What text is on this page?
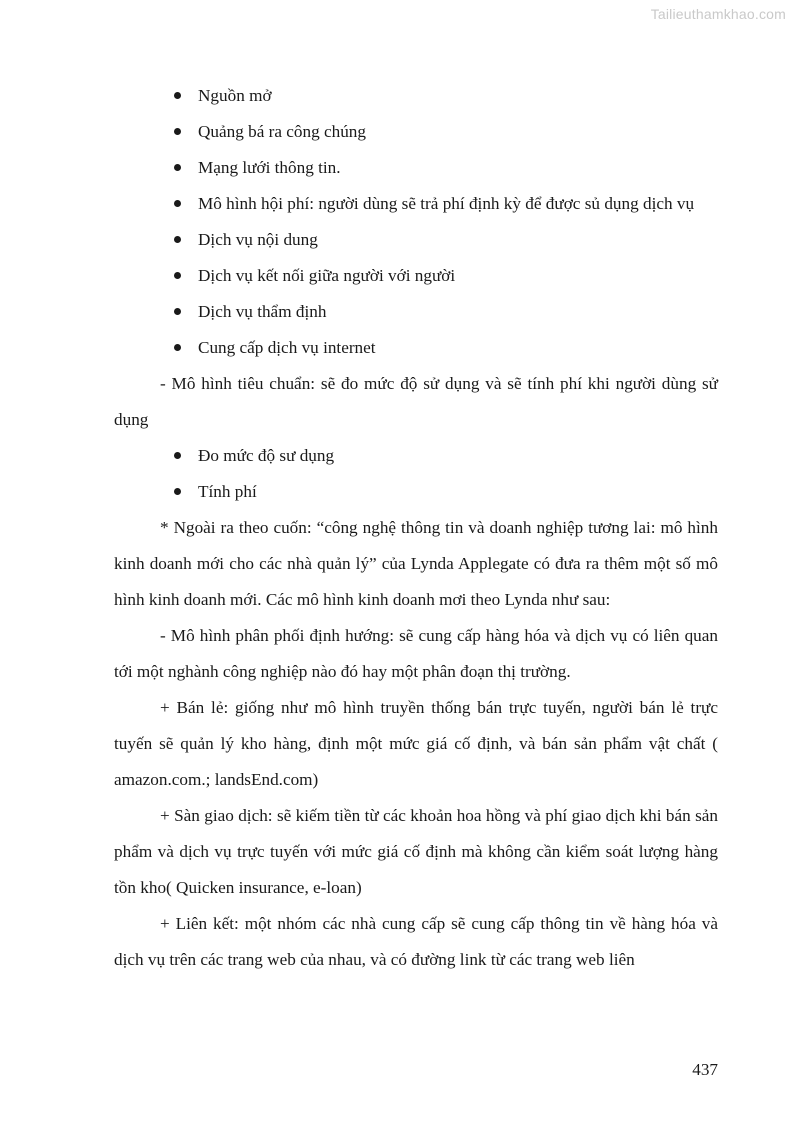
Tailieuthamkhao.com
Nguồn mở
Quảng bá ra công chúng
Mạng lưới thông tin.
Mô hình hội phí: người dùng sẽ trả phí định kỳ để được sủ dụng dịch vụ
Dịch vụ nội dung
Dịch vụ kết nối giữa người với người
Dịch vụ thẩm định
Cung cấp dịch vụ internet

- Mô hình tiêu chuẩn: sẽ đo mức độ sử dụng và sẽ tính phí khi người dùng sử dụng

Đo mức độ sư dụng
Tính phí

* Ngoài ra theo cuốn: “công nghệ thông tin và doanh nghiệp tương lai: mô hình kinh doanh mới cho các nhà quản lý” của Lynda Applegate có đưa ra thêm một số mô hình kinh doanh mới. Các mô hình kinh doanh mơi theo Lynda như sau:

- Mô hình phân phối định hướng: sẽ cung cấp hàng hóa và dịch vụ có liên quan tới một nghành công nghiệp nào đó hay một phân đoạn thị trường.

+ Bán lẻ: giống như mô hình truyền thống bán trực tuyến, người bán lẻ trực tuyến sẽ quản lý kho hàng, định một mức giá cố định, và bán sản phẩm vật chất ( amazon.com.; landsEnd.com)

+ Sàn giao dịch: sẽ kiếm tiền từ các khoản hoa hồng và phí giao dịch khi bán sản phẩm và dịch vụ trực tuyến với mức giá cố định mà không cần kiểm soát lượng hàng tồn kho( Quicken insurance, e-loan)

+ Liên kết: một nhóm các nhà cung cấp sẽ cung cấp thông tin về hàng hóa và dịch vụ trên các trang web của nhau, và có đường link từ các trang web liên

437
